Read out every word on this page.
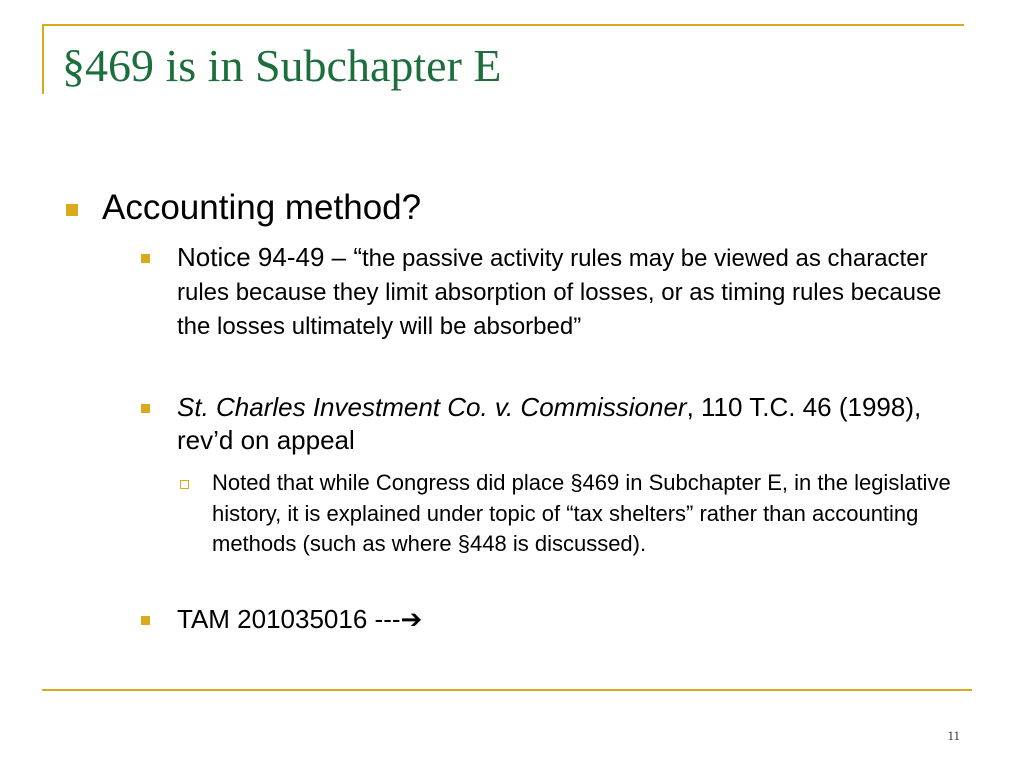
§469 is in Subchapter E

Accounting method?

Notice 94-49 – “the passive activity rules may be viewed as character rules because they limit absorption of losses, or as timing rules because the losses ultimately will be absorbed”

St. Charles Investment Co. v. Commissioner, 110 T.C. 46 (1998), rev’d on appeal

Noted that while Congress did place §469 in Subchapter E, in the legislative history, it is explained under topic of “tax shelters” rather than accounting methods (such as where §448 is discussed).

TAM 201035016 ---➔

11
